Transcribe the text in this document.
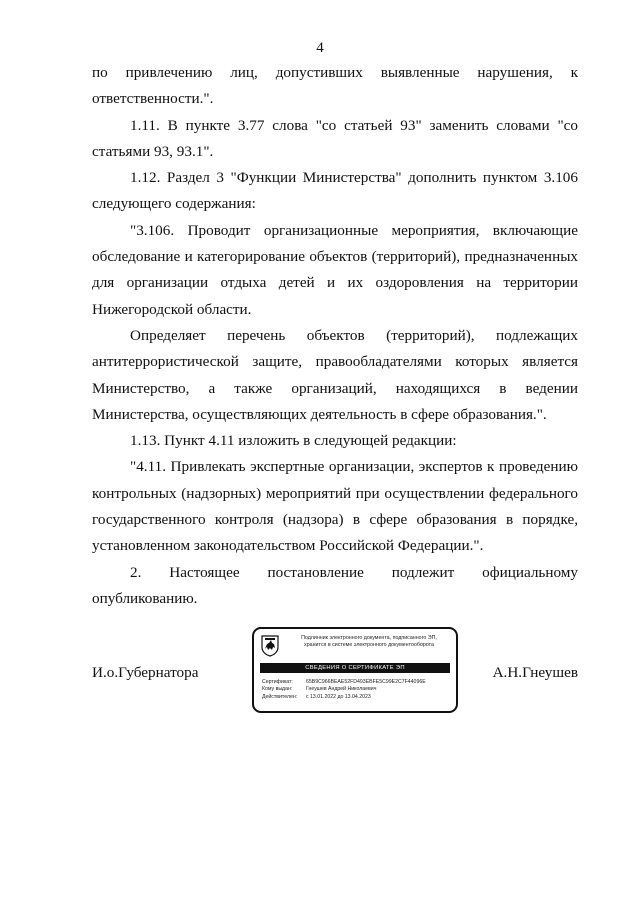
4

по привлечению лиц, допустивших выявленные нарушения, к ответственности.".

1.11. В пункте 3.77 слова "со статьей 93" заменить словами "со статьями 93, 93.1".

1.12. Раздел 3 "Функции Министерства" дополнить пунктом 3.106 следующего содержания:

"3.106. Проводит организационные мероприятия, включающие обследование и категорирование объектов (территорий), предназначенных для организации отдыха детей и их оздоровления на территории Нижегородской области.

Определяет перечень объектов (территорий), подлежащих антитеррористической защите, правообладателями которых является Министерство, а также организаций, находящихся в ведении Министерства, осуществляющих деятельность в сфере образования.".

1.13. Пункт 4.11 изложить в следующей редакции:

"4.11. Привлекать экспертные организации, экспертов к проведению контрольных (надзорных) мероприятий при осуществлении федерального государственного контроля (надзора) в сфере образования в порядке, установленном законодательством Российской Федерации.".

2. Настоящее постановление подлежит официальному опубликованию.

И.о.Губернатора	А.Н.Гнеушев
Подлинник электронного документа, подписанного ЭП,
хранится в системе электронного документооборота
СВЕДЕНИЯ О СЕРТИФИКАТЕ ЭП
Сертификат:	65B9C966BEAE52FD493EBFE5C99E2C7F44096E
Кому выдан:	Гнеушев Андрей Николаевич
Действителен: с 13.01.2022 до 13.04.2023
